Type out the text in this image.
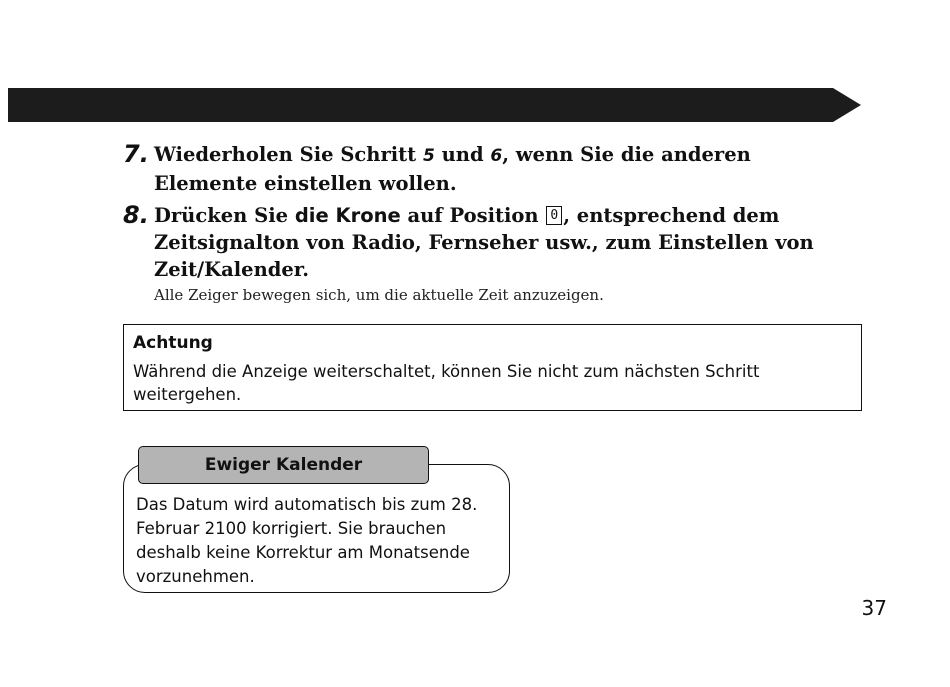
7. Wiederholen Sie Schritt 5 und 6, wenn Sie die anderen Elemente einstellen wollen.
8. Drücken Sie die Krone auf Position 0 , entsprechend dem Zeitsignalton von Radio, Fernseher usw., zum Einstellen von Zeit/Kalender.
Alle Zeiger bewegen sich, um die aktuelle Zeit anzuzeigen.
Achtung
Während die Anzeige weiterschaltet, können Sie nicht zum nächsten Schritt weitergehen.
Ewiger Kalender
Das Datum wird automatisch bis zum 28. Februar 2100 korrigiert. Sie brauchen deshalb keine Korrektur am Monatsende vorzunehmen.
37
